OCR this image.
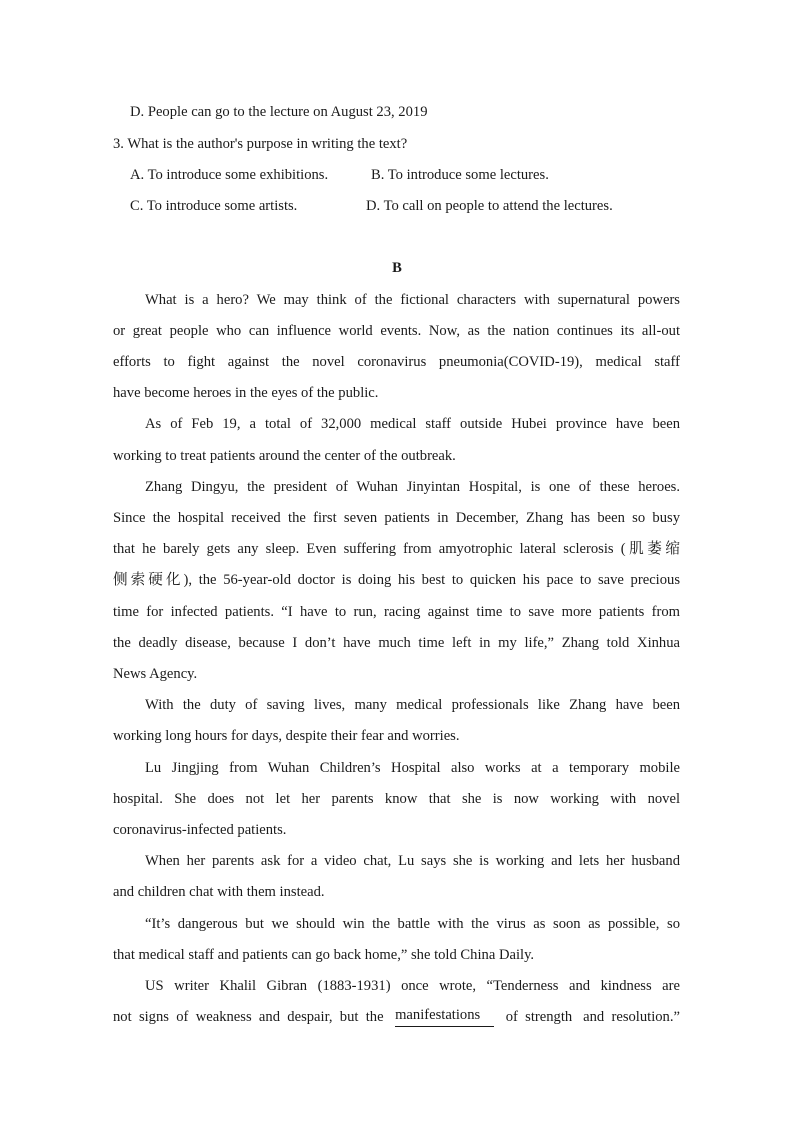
D. People can go to the lecture on August 23, 2019
3. What is the author's purpose in writing the text?
A. To introduce some exhibitions.	B. To introduce some lectures.
C. To introduce some artists.	D. To call on people to attend the lectures.
B
What is a hero? We may think of the fictional characters with supernatural powers
or great people who can influence world events. Now, as the nation continues its all-out
efforts to fight against the novel coronavirus pneumonia(COVID-19), medical staff
have become heroes in the eyes of the public.
As of Feb 19, a total of 32,000 medical staff outside Hubei province have been
working to treat patients around the center of the outbreak.
Zhang Dingyu, the president of Wuhan Jinyintan Hospital, is one of these heroes.
Since the hospital received the first seven patients in December, Zhang has been so busy
that he barely gets any sleep. Even suffering from amyotrophic lateral sclerosis (肌萎缩
侧索硬化), the 56-year-old doctor is doing his best to quicken his pace to save precious
time for infected patients. “I have to run, racing against time to save more patients from
the deadly disease, because I don’t have much time left in my life,” Zhang told Xinhua
News Agency.
With the duty of saving lives, many medical professionals like Zhang have been
working long hours for days, despite their fear and worries.
Lu Jingjing from Wuhan Children’s Hospital also works at a temporary mobile
hospital. She does not let her parents know that she is now working with novel
coronavirus-infected patients.
When her parents ask for a video chat, Lu says she is working and lets her husband
and children chat with them instead.
“It’s dangerous but we should win the battle with the virus as soon as possible, so
that medical staff and patients can go back home,” she told China Daily.
US writer Khalil Gibran (1883-1931) once wrote, “Tenderness and kindness are
not  signs  of  weakness  and  despair,  but  the manifestations	of  strength   and  resolution.”
